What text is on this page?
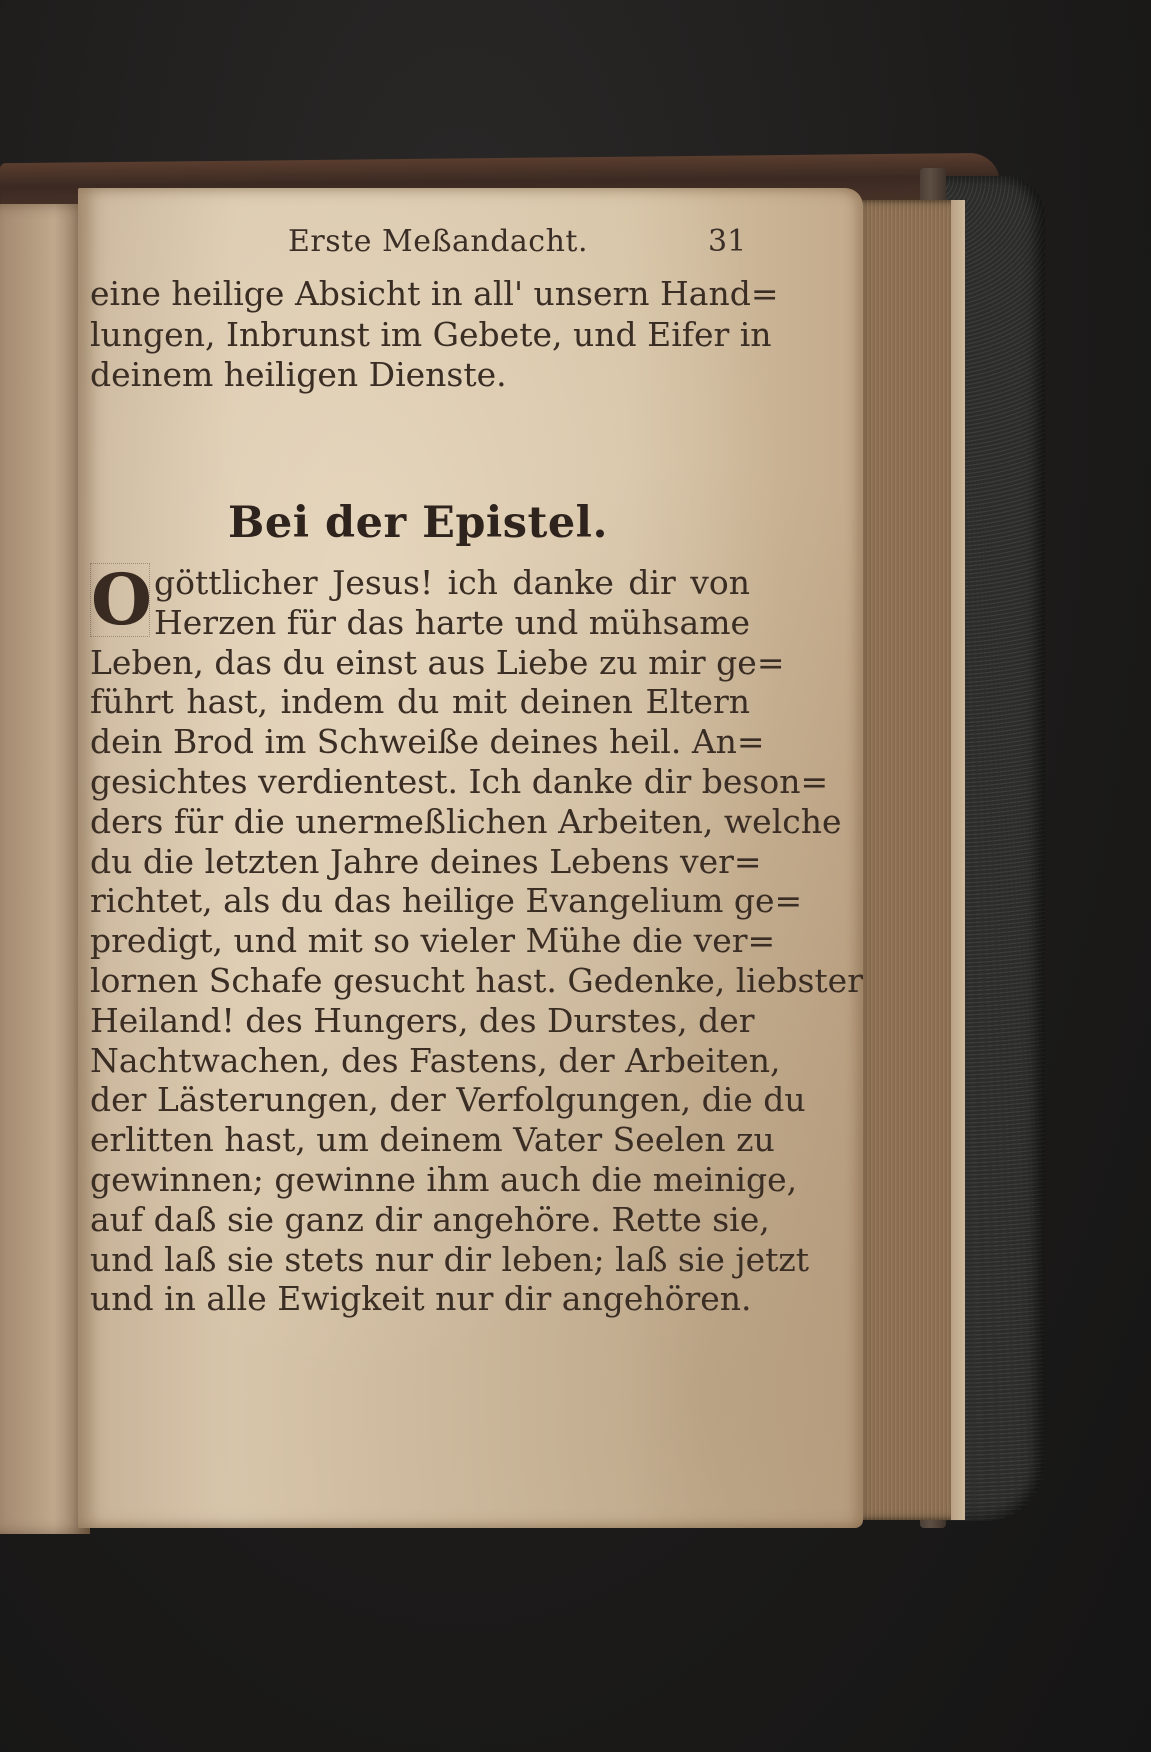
Erste Meßandacht.	31
eine heilige Absicht in all' unsern Hand=
lungen, Inbrunst im Gebete, und Eifer in
deinem heiligen Dienste.
Bei der Epistel.
O göttlicher Jesus! ich danke dir von
Herzen für das harte und mühsame
Leben, das du einst aus Liebe zu mir ge=
führt hast, indem du mit deinen Eltern
dein Brod im Schweiße deines heil. An=
gesichtes verdientest. Ich danke dir beson=
ders für die unermeßlichen Arbeiten, welche
du die letzten Jahre deines Lebens ver=
richtet, als du das heilige Evangelium ge=
predigt, und mit so vieler Mühe die ver=
lornen Schafe gesucht hast. Gedenke, liebster
Heiland! des Hungers, des Durstes, der
Nachtwachen, des Fastens, der Arbeiten,
der Lästerungen, der Verfolgungen, die du
erlitten hast, um deinem Vater Seelen zu
gewinnen; gewinne ihm auch die meinige,
auf daß sie ganz dir angehöre. Rette sie,
und laß sie stets nur dir leben; laß sie jetzt
und in alle Ewigkeit nur dir angehören.
